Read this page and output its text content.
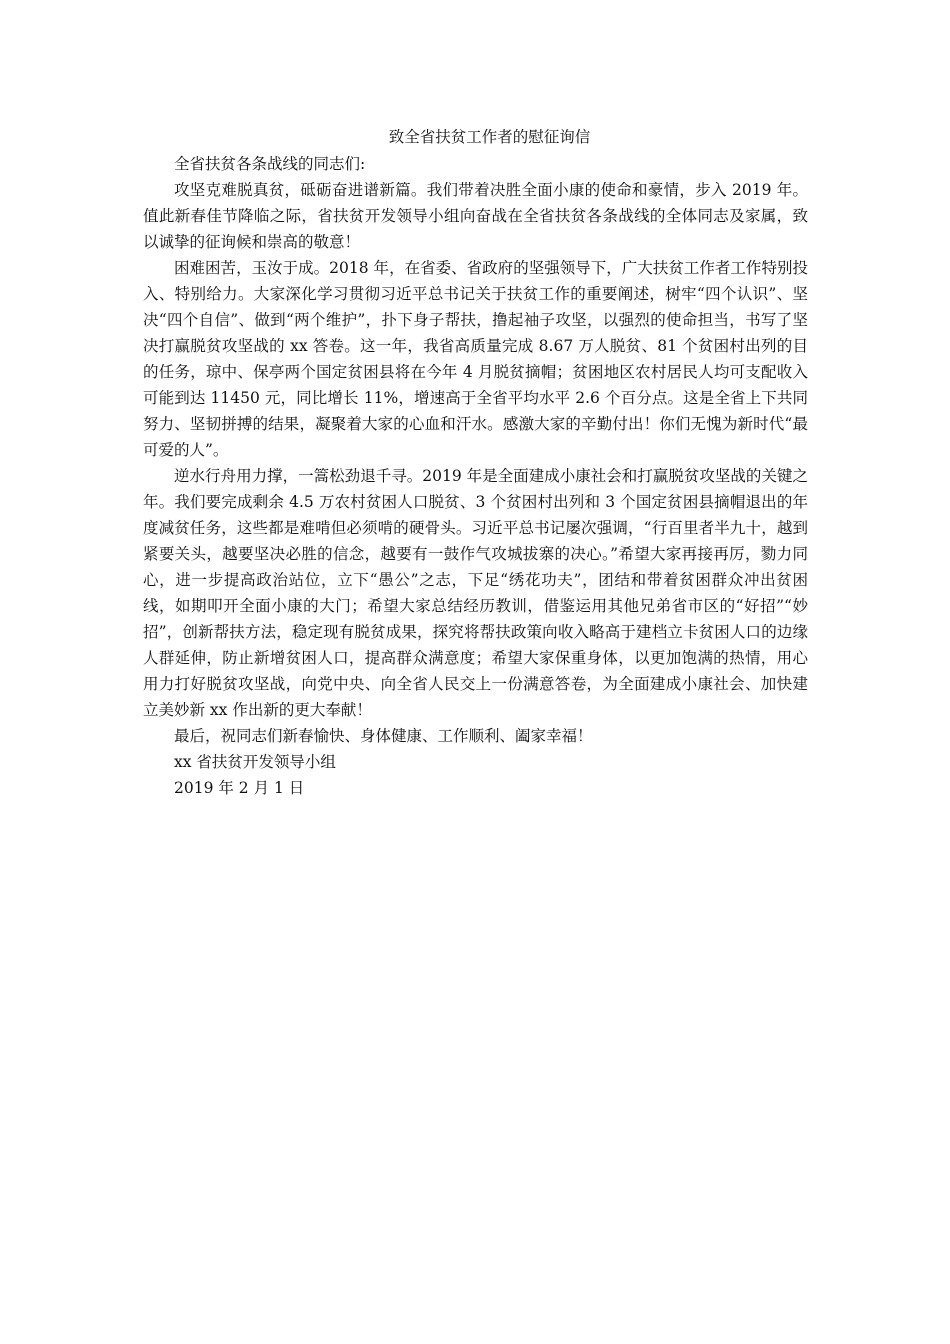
致全省扶贫工作者的慰征询信

全省扶贫各条战线的同志们:

攻坚克难脱真贫，砥砺奋进谱新篇。我们带着决胜全面小康的使命和豪情，步入 2019 年。值此新春佳节降临之际，省扶贫开发领导小组向奋战在全省扶贫各条战线的全体同志及家属，致以诚挚的征询候和崇高的敬意！

困难困苦，玉汝于成。2018 年，在省委、省政府的坚强领导下，广大扶贫工作者工作特别投入、特别给力。大家深化学习贯彻习近平总书记关于扶贫工作的重要阐述，树牢“四个认识”、坚决“四个自信”、做到“两个维护”，扑下身子帮扶，撸起袖子攻坚，以强烈的使命担当，书写了坚决打赢脱贫攻坚战的 xx 答卷。这一年，我省高质量完成 8.67 万人脱贫、81 个贫困村出列的目的任务，琼中、保亭两个国定贫困县将在今年 4 月脱贫摘帽；贫困地区农村居民人均可支配收入可能到达 11450 元，同比增长 11%，增速高于全省平均水平 2.6 个百分点。这是全省上下共同努力、坚韧拼搏的结果，凝聚着大家的心血和汗水。感激大家的辛勤付出！你们无愧为新时代“最可爱的人”。

逆水行舟用力撑，一篙松劲退千寻。2019 年是全面建成小康社会和打赢脱贫攻坚战的关键之年。我们要完成剩余 4.5 万农村贫困人口脱贫、3 个贫困村出列和 3 个国定贫困县摘帽退出的年度减贫任务，这些都是难啃但必须啃的硬骨头。习近平总书记屡次强调，“行百里者半九十，越到紧要关头，越要坚决必胜的信念，越要有一鼓作气攻城拔寨的决心。”希望大家再接再厉，勠力同心，进一步提高政治站位，立下“愚公”之志，下足“绣花功夫”，团结和带着贫困群众冲出贫困线，如期叩开全面小康的大门；希望大家总结经历教训，借鉴运用其他兄弟省市区的“好招”“妙招”，创新帮扶方法，稳定现有脱贫成果，探究将帮扶政策向收入略高于建档立卡贫困人口的边缘人群延伸，防止新增贫困人口，提高群众满意度；希望大家保重身体，以更加饱满的热情，用心用力打好脱贫攻坚战，向党中央、向全省人民交上一份满意答卷，为全面建成小康社会、加快建立美妙新 xx 作出新的更大奉献！

最后，祝同志们新春愉快、身体健康、工作顺利、阖家幸福！

xx 省扶贫开发领导小组

2019 年 2 月 1 日
